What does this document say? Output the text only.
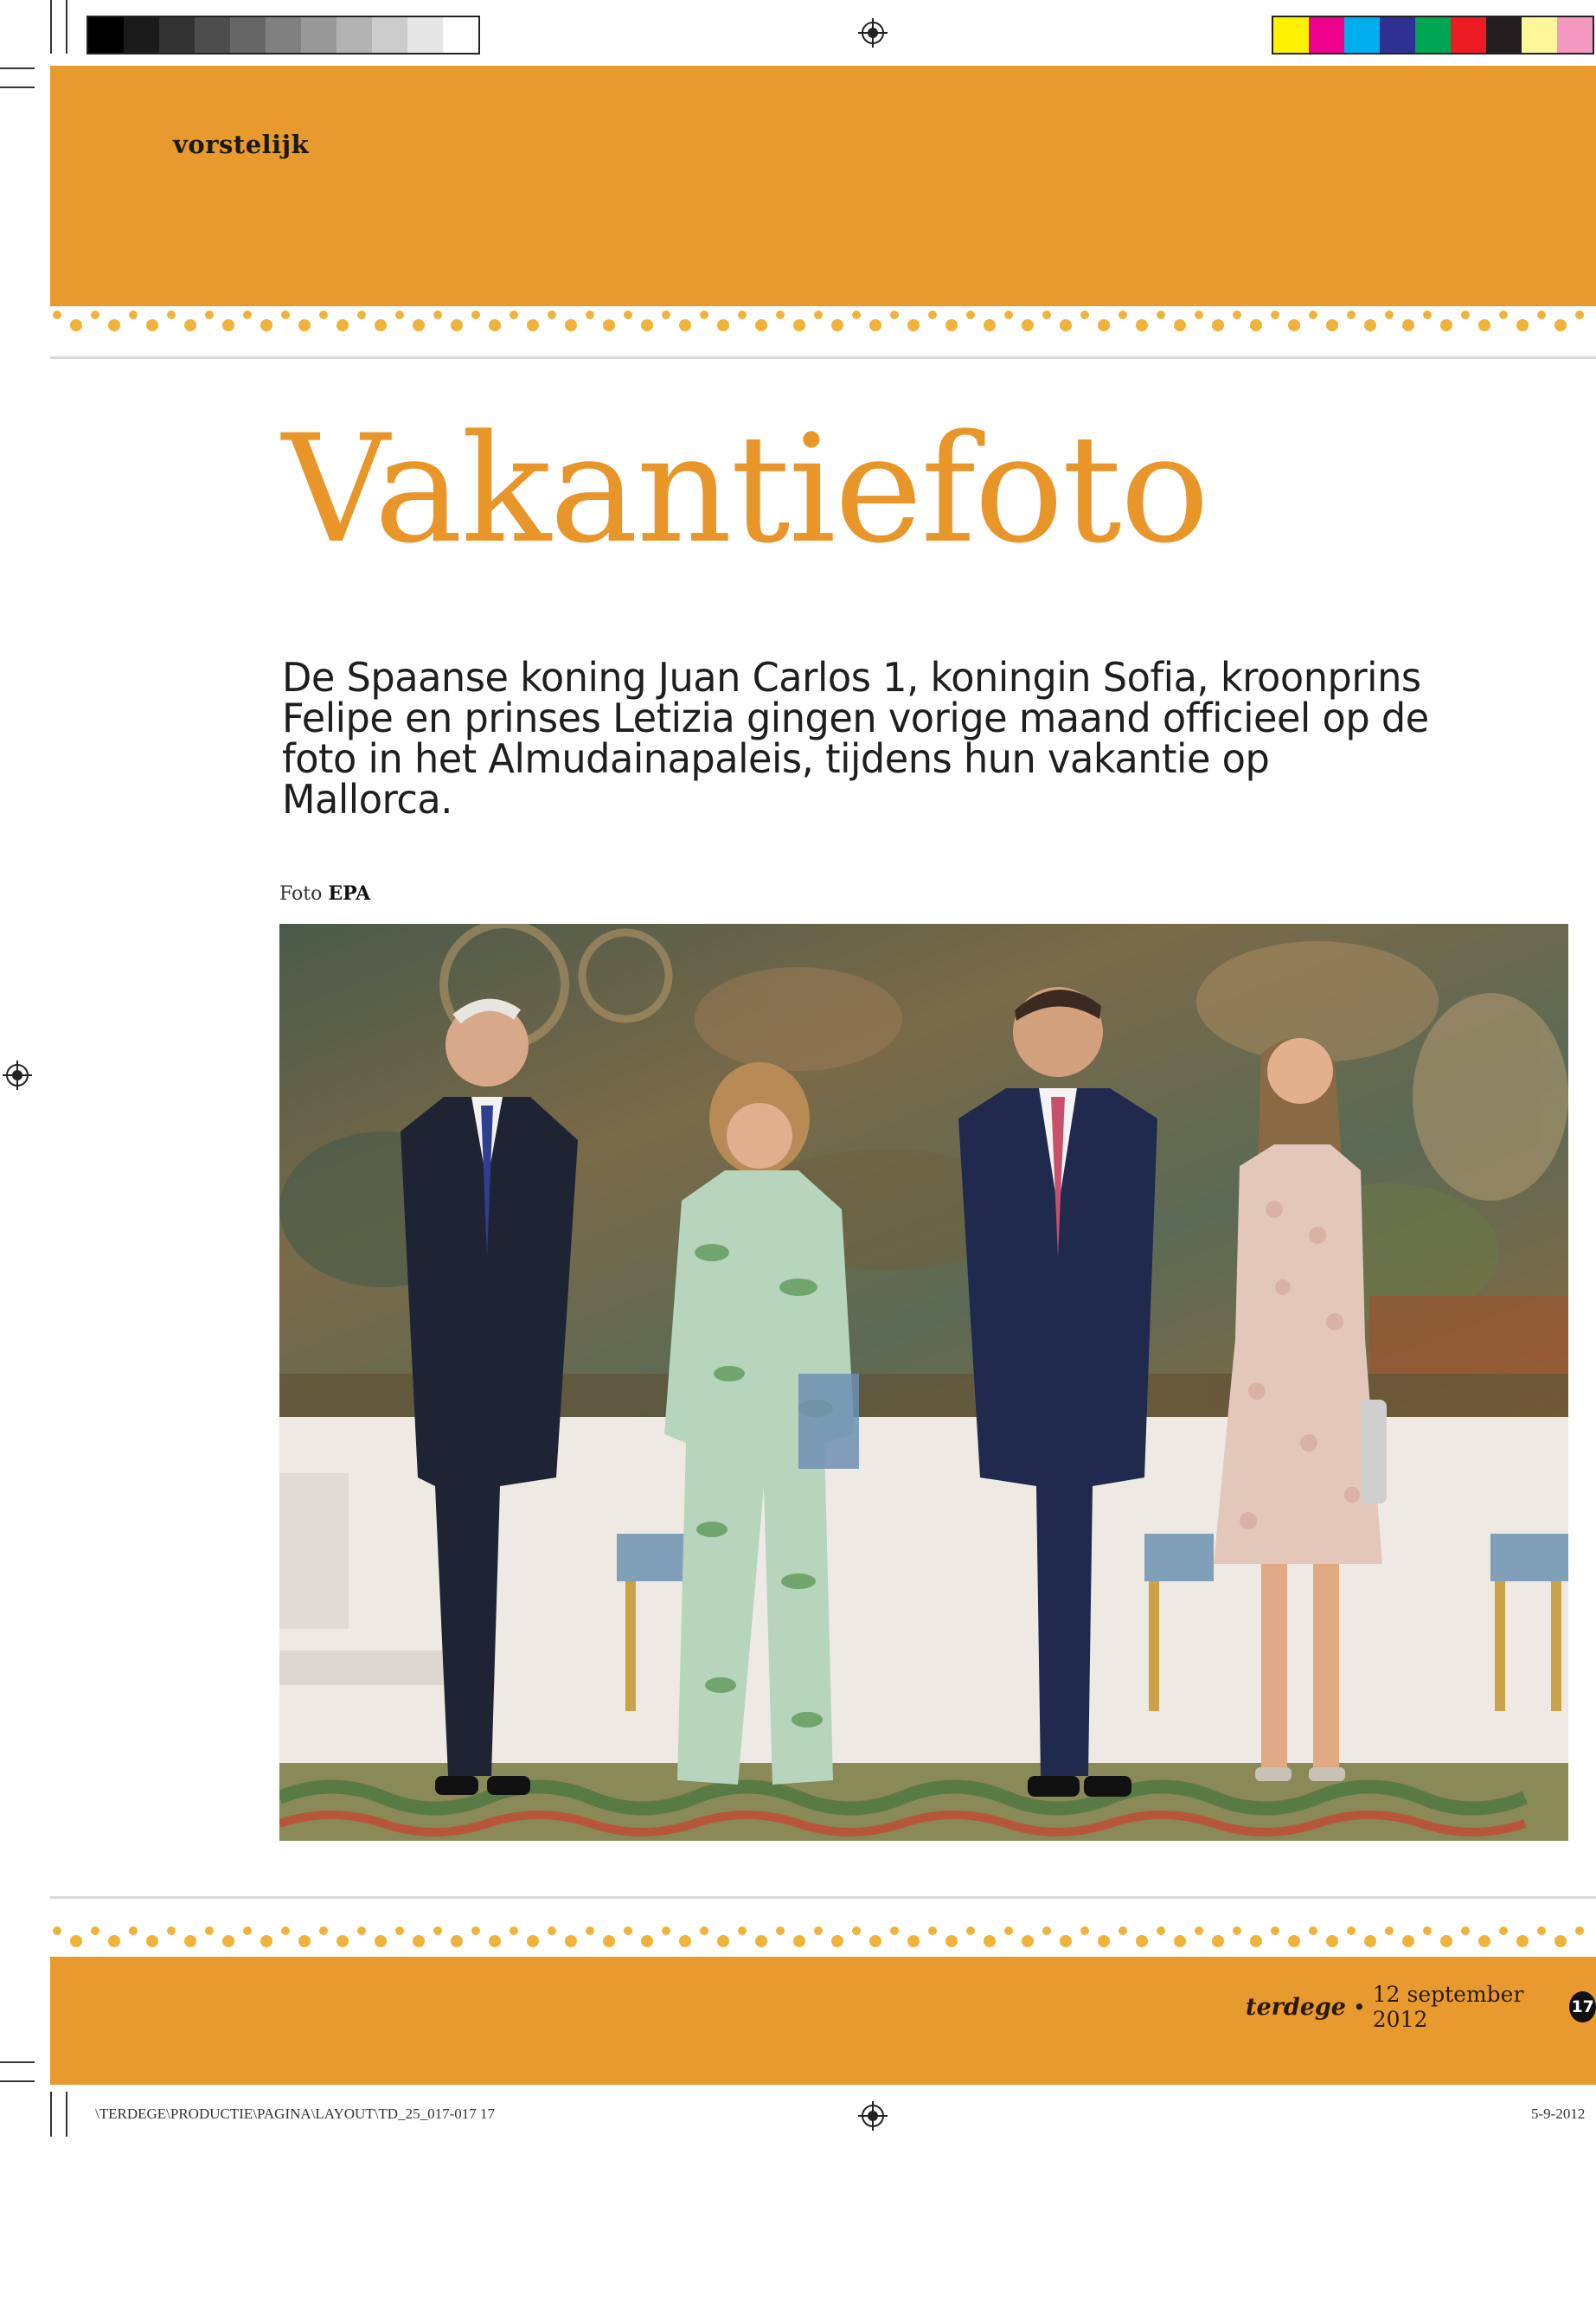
vorstelijk
Vakantiefoto
De Spaanse koning Juan Carlos 1, koningin Sofia, kroonprins Felipe en prinses Letizia gingen vorige maand officieel op de foto in het Almudainapaleis, tijdens hun vakantie op Mallorca.
Foto EPA
terdege • 12 september 2012	17
\TERDEGE\PRODUCTIE\PAGINA\LAYOUT\TD_25_017-017 17	5-9-2012
